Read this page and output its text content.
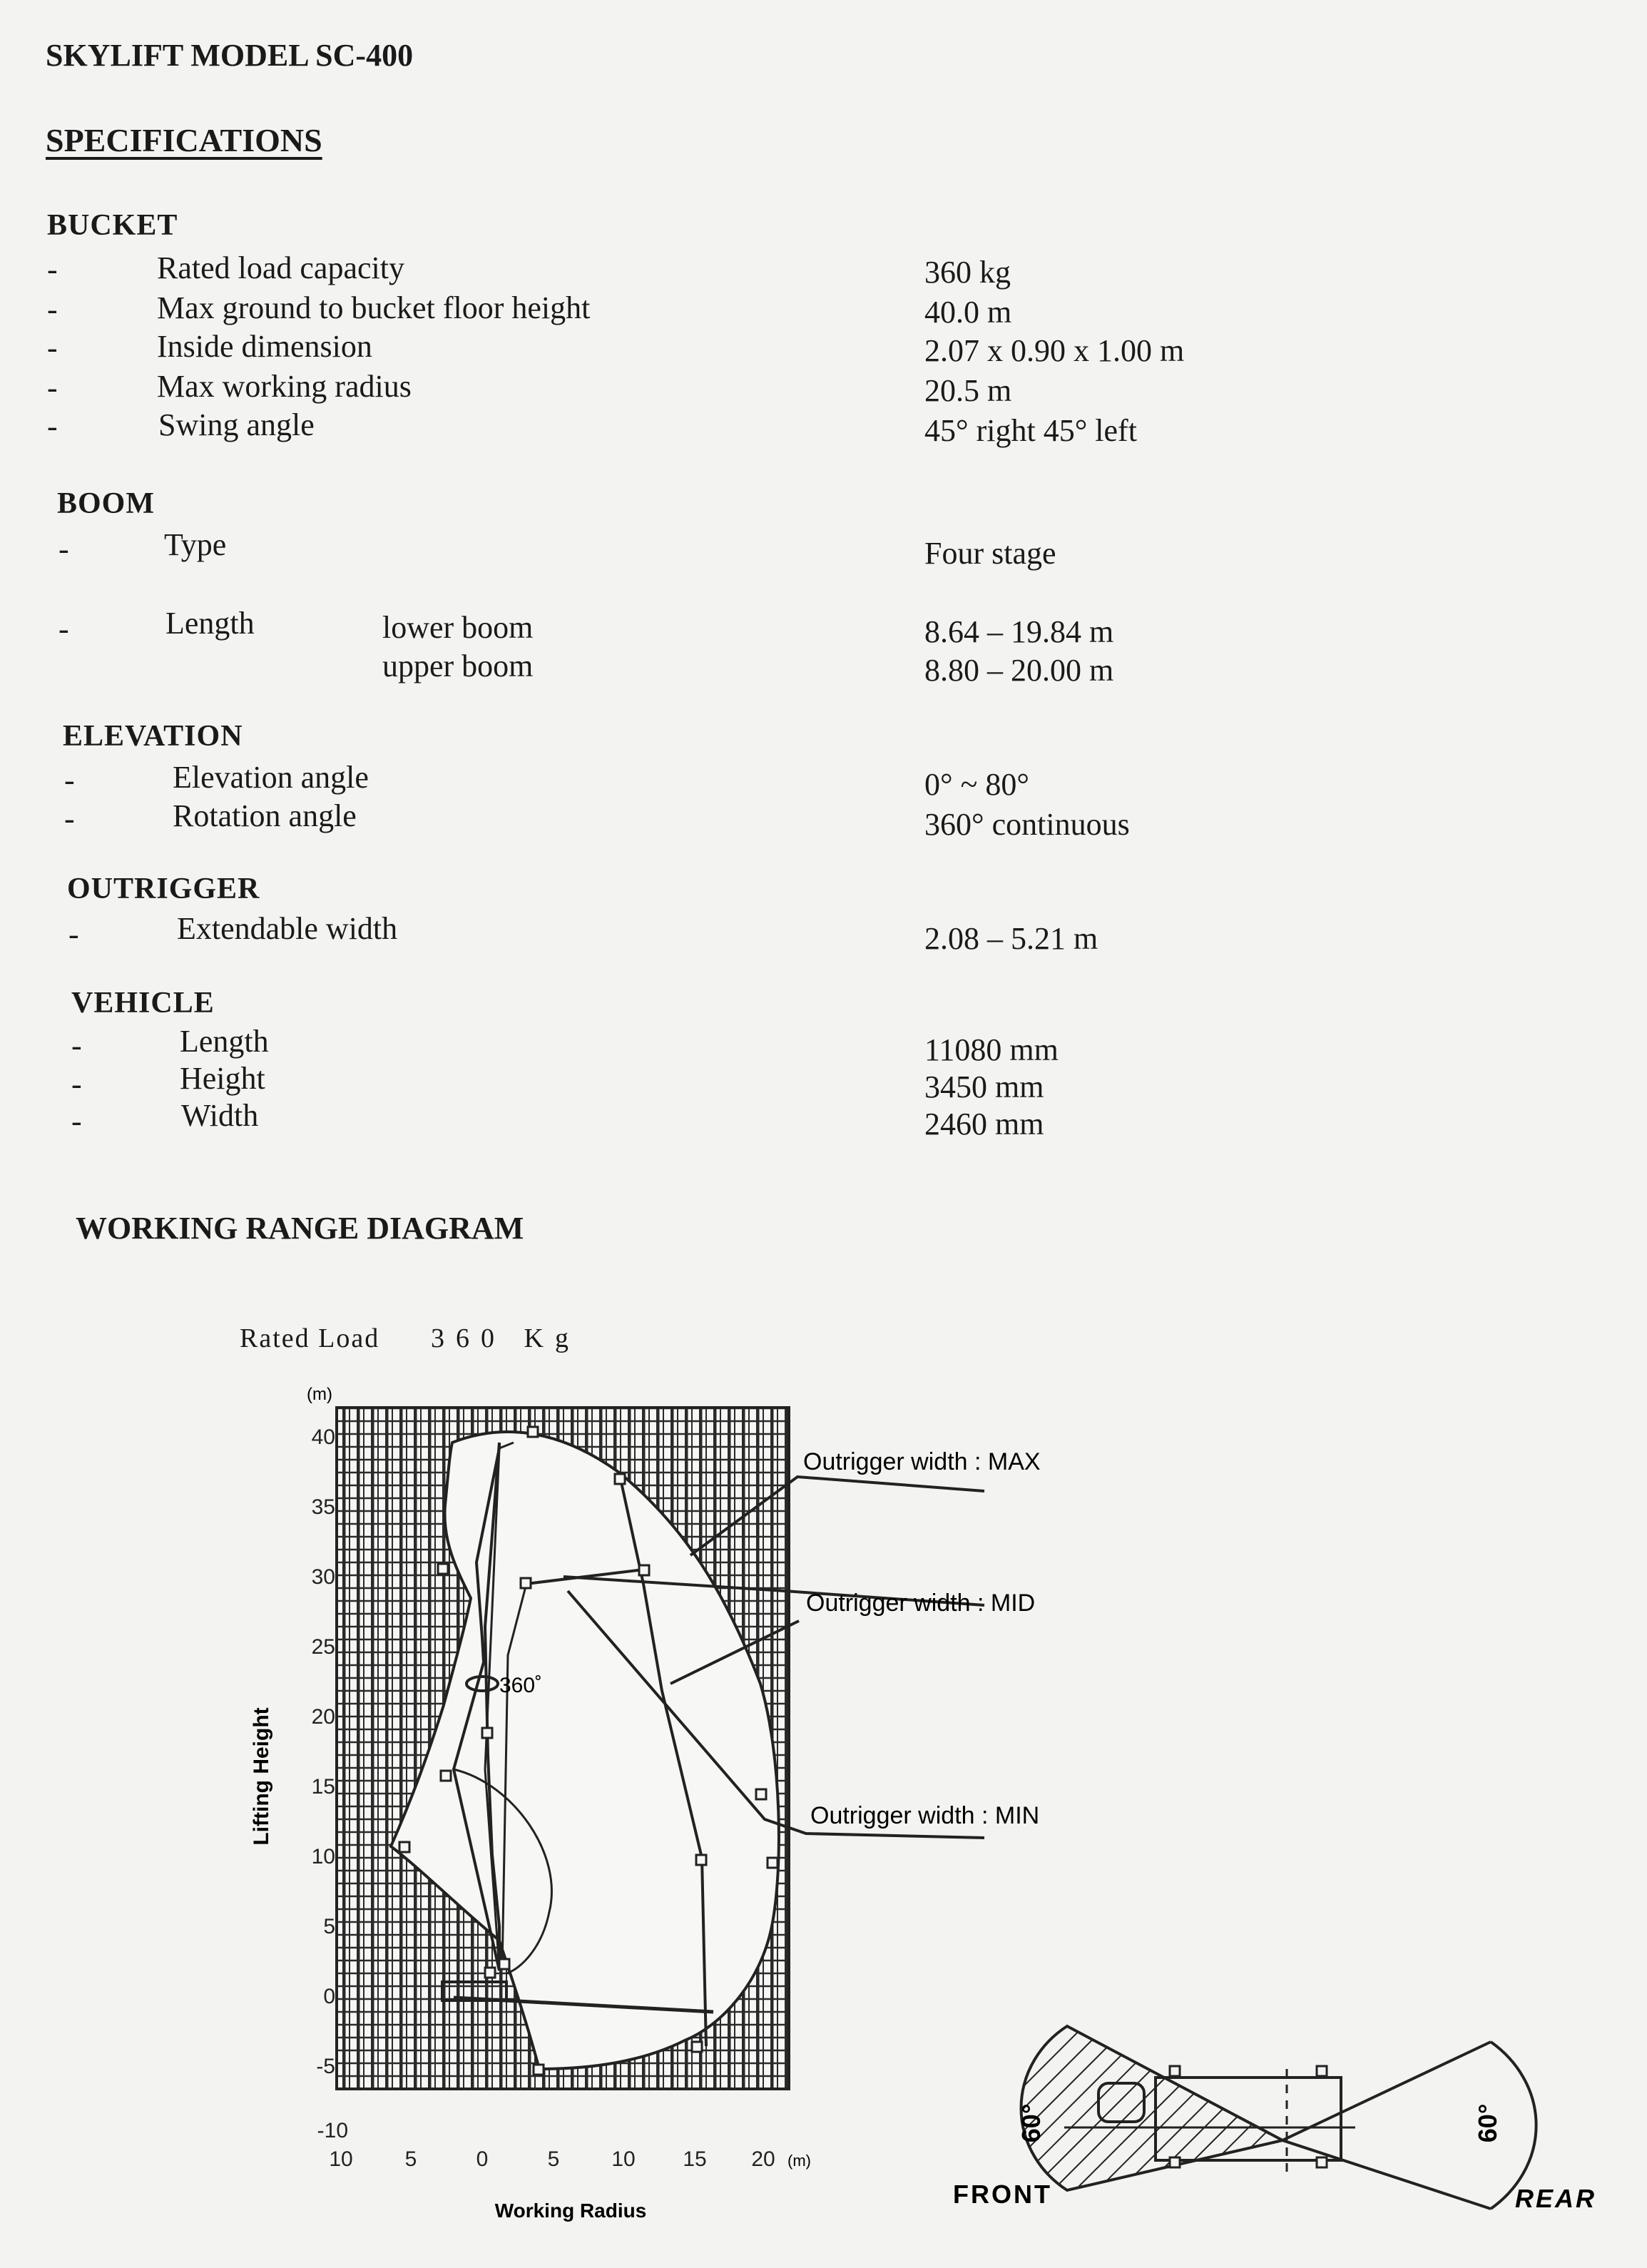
SKYLIFT MODEL SC-400
SPECIFICATIONS
BUCKET
-	Rated load capacity	360 kg
-	Max ground to bucket floor height	40.0 m
-	Inside dimension	2.07 x 0.90 x 1.00 m
-	Max working radius	20.5 m
-	Swing angle	45° right 45° left
BOOM
-	Type	Four stage
-	Length	lower boom	8.64 – 19.84 m
upper boom	8.80 – 20.00 m
ELEVATION
-	Elevation angle	0° ~ 80°
-	Rotation angle	360° continuous
OUTRIGGER
-	Extendable width	2.08 – 5.21 m
VEHICLE
-	Length	11080 mm
-	Height	3450 mm
-	Width	2460 mm
WORKING RANGE DIAGRAM
Rated Load 360 Kg
(m)
40
35
30
25
20
15
10
5
0
-5
-10
10 5	0	5 10 15 20 (m)
Working Radius
Lifting Height
360˚
Outrigger width : MAX
Outrigger width : MID
Outrigger width : MIN
60°	60°
FRONT	REAR
